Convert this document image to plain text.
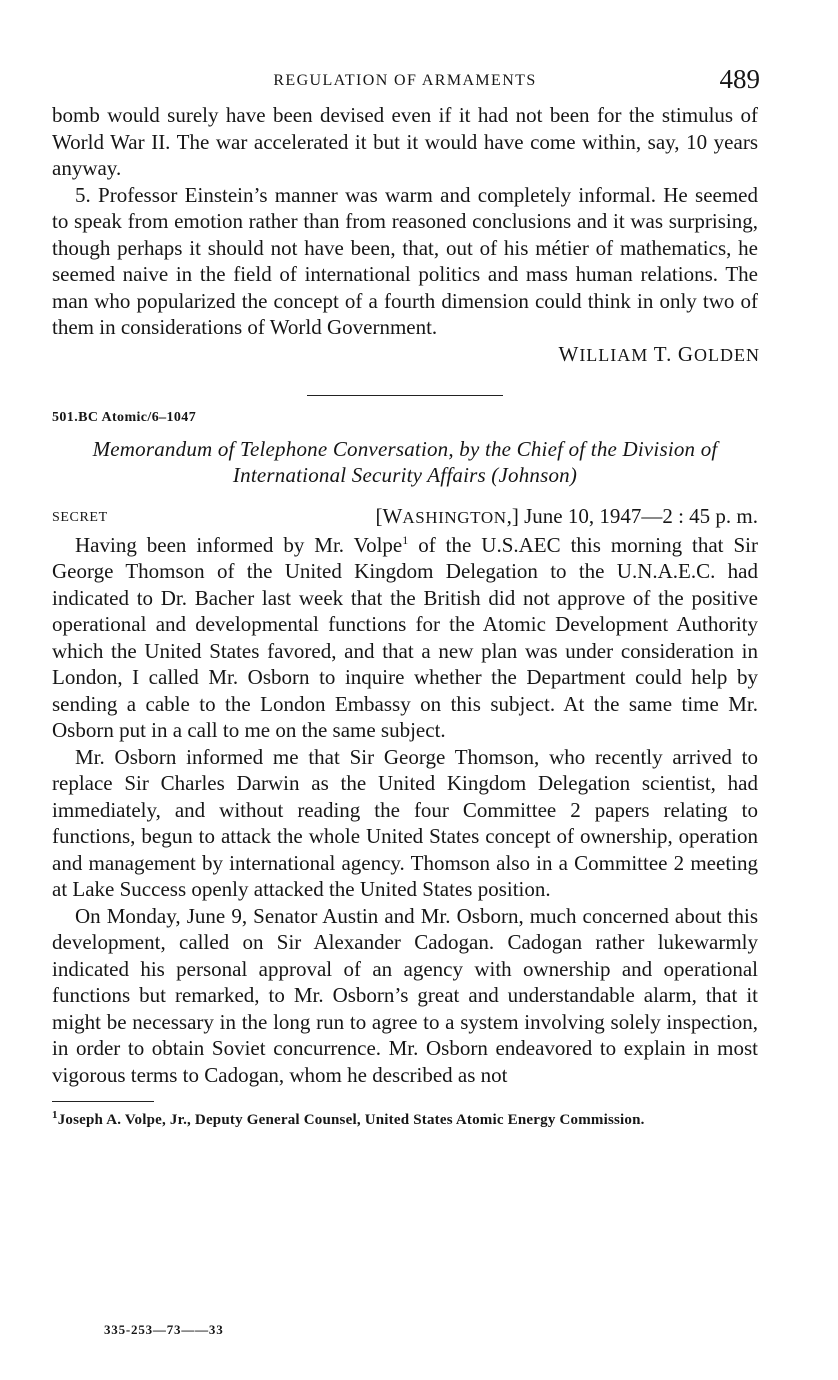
REGULATION OF ARMAMENTS	489

bomb would surely have been devised even if it had not been for the stimulus of World War II. The war accelerated it but it would have come within, say, 10 years anyway.

5. Professor Einstein’s manner was warm and completely informal. He seemed to speak from emotion rather than from reasoned conclusions and it was surprising, though perhaps it should not have been, that, out of his métier of mathematics, he seemed naive in the field of international politics and mass human relations. The man who popularized the concept of a fourth dimension could think in only two of them in considerations of World Government.

WILLIAM T. GOLDEN
501.BC Atomic/6–1047
Memorandum of Telephone Conversation, by the Chief of the Division of International Security Affairs (Johnson)
SECRET	[WASHINGTON,] June 10, 1947—2 : 45 p. m.

Having been informed by Mr. Volpe$^1$ of the U.S.AEC this morning that Sir George Thomson of the United Kingdom Delegation to the U.N.A.E.C. had indicated to Dr. Bacher last week that the British did not approve of the positive operational and developmental functions for the Atomic Development Authority which the United States favored, and that a new plan was under consideration in London, I called Mr. Osborn to inquire whether the Department could help by sending a cable to the London Embassy on this subject. At the same time Mr. Osborn put in a call to me on the same subject.

Mr. Osborn informed me that Sir George Thomson, who recently arrived to replace Sir Charles Darwin as the United Kingdom Delegation scientist, had immediately, and without reading the four Committee 2 papers relating to functions, begun to attack the whole United States concept of ownership, operation and management by international agency. Thomson also in a Committee 2 meeting at Lake Success openly attacked the United States position.

On Monday, June 9, Senator Austin and Mr. Osborn, much concerned about this development, called on Sir Alexander Cadogan. Cadogan rather lukewarmly indicated his personal approval of an agency with ownership and operational functions but remarked, to Mr. Osborn’s great and understandable alarm, that it might be necessary in the long run to agree to a system involving solely inspection, in order to obtain Soviet concurrence. Mr. Osborn endeavored to explain in most vigorous terms to Cadogan, whom he described as not

$^1$Joseph A. Volpe, Jr., Deputy General Counsel, United States Atomic Energy Commission.
335-253—73——33
